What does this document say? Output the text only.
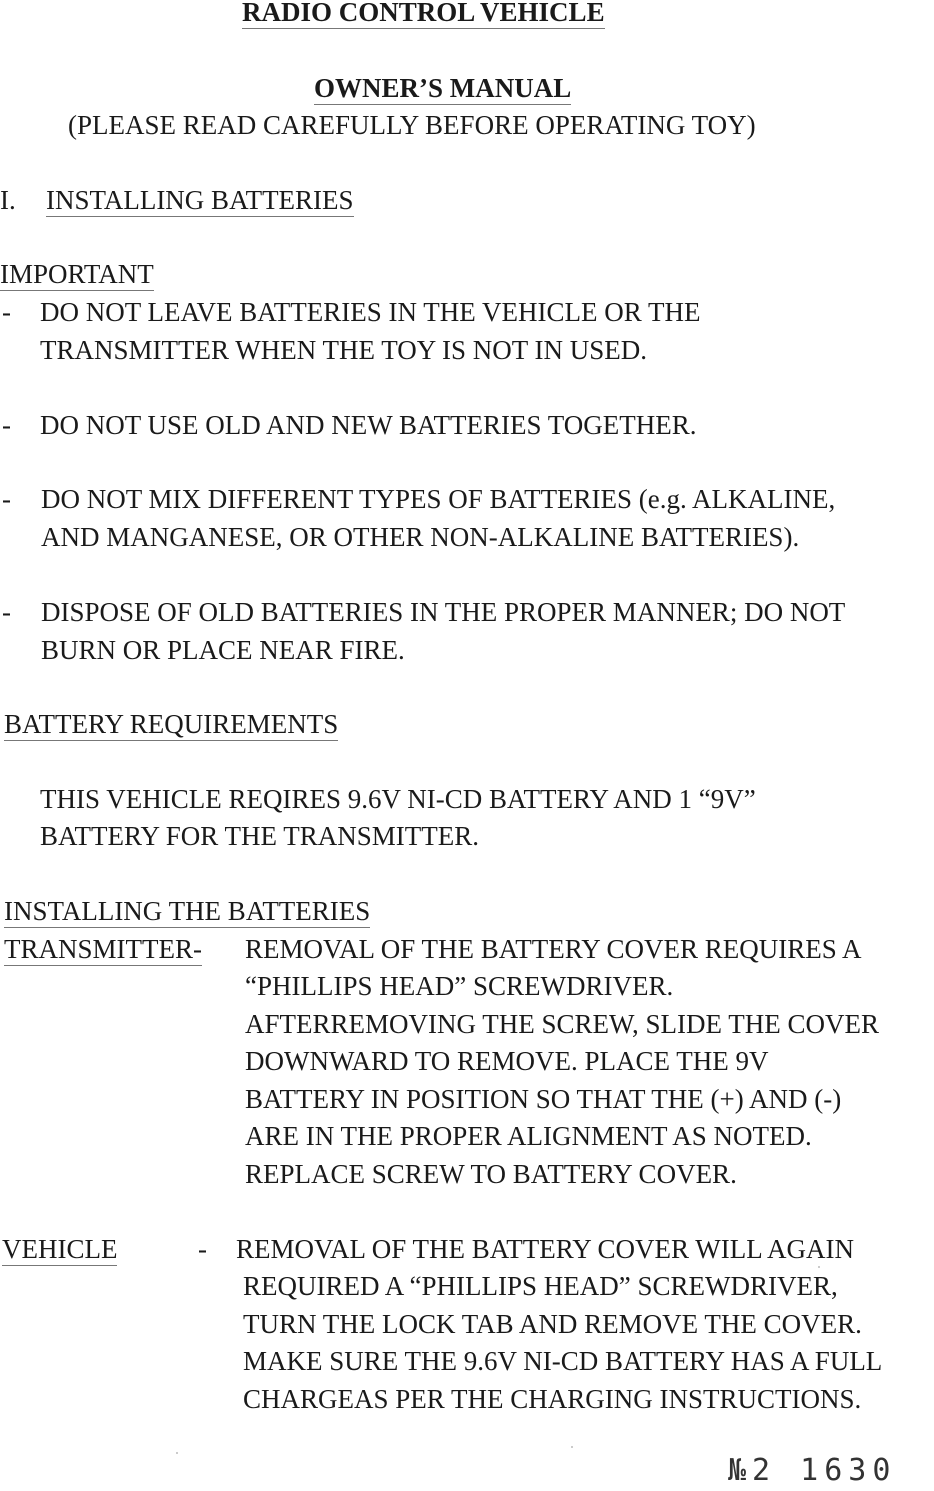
RADIO CONTROL VEHICLE
OWNER’S MANUAL
(PLEASE READ CAREFULLY BEFORE OPERATING TOY)
I. INSTALLING BATTERIES
IMPORTANT
- DO NOT LEAVE BATTERIES IN THE VEHICLE OR THE
TRANSMITTER WHEN THE TOY IS NOT IN USED.
- DO NOT USE OLD AND NEW BATTERIES TOGETHER.
- DO NOT MIX DIFFERENT TYPES OF BATTERIES (e.g. ALKALINE,
AND MANGANESE, OR OTHER NON-ALKALINE BATTERIES).
- DISPOSE OF OLD BATTERIES IN THE PROPER MANNER; DO NOT
BURN OR PLACE NEAR FIRE.
BATTERY REQUIREMENTS
THIS VEHICLE REQIRES 9.6V NI-CD BATTERY AND 1 “9V”
BATTERY FOR THE TRANSMITTER.
INSTALLING THE BATTERIES
TRANSMITTER- REMOVAL OF THE BATTERY COVER REQUIRES A
“PHILLIPS HEAD” SCREWDRIVER.
AFTERREMOVING THE SCREW, SLIDE THE COVER
DOWNWARD TO REMOVE. PLACE THE 9V
BATTERY IN POSITION SO THAT THE (+) AND (-)
ARE IN THE PROPER ALIGNMENT AS NOTED.
REPLACE SCREW TO BATTERY COVER.
VEHICLE	- REMOVAL OF THE BATTERY COVER WILL AGAIN
REQUIRED A “PHILLIPS HEAD” SCREWDRIVER,
TURN THE LOCK TAB AND REMOVE THE COVER.
MAKE SURE THE 9.6V NI-CD BATTERY HAS A FULL
CHARGEAS PER THE CHARGING INSTRUCTIONS.
№2 1630
